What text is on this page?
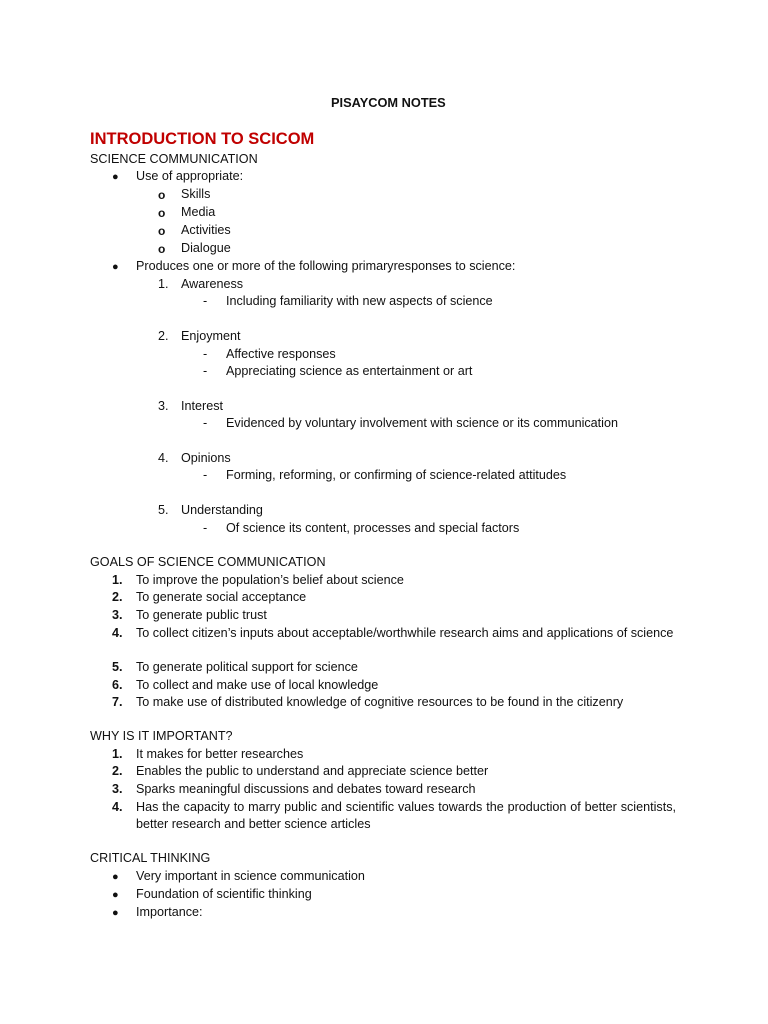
PISAYCOM NOTES
INTRODUCTION TO SCICOM
SCIENCE COMMUNICATION
● Use of appropriate:
o Skills
o Media
o Activities
o Dialogue
● Produces one or more of the following primaryresponses to science:
1. Awareness
- Including familiarity with new aspects of science
2. Enjoyment
- Affective responses
- Appreciating science as entertainment or art
3. Interest
- Evidenced by voluntary involvement with science or its communication
4. Opinions
- Forming, reforming, or confirming of science-related attitudes
5. Understanding
- Of science its content, processes and special factors
GOALS OF SCIENCE COMMUNICATION
1. To improve the population’s belief about science
2. To generate social acceptance
3. To generate public trust
4. To collect citizen’s inputs about acceptable/worthwhile research aims and applications of science
5. To generate political support for science
6. To collect and make use of local knowledge
7. To make use of distributed knowledge of cognitive resources to be found in the citizenry
WHY IS IT IMPORTANT?
1. It makes for better researches
2. Enables the public to understand and appreciate science better
3. Sparks meaningful discussions and debates toward research
4. Has the capacity to marry public and scientific values towards the production of better scientists, better research and better science articles
CRITICAL THINKING
● Very important in science communication
● Foundation of scientific thinking
● Importance:
